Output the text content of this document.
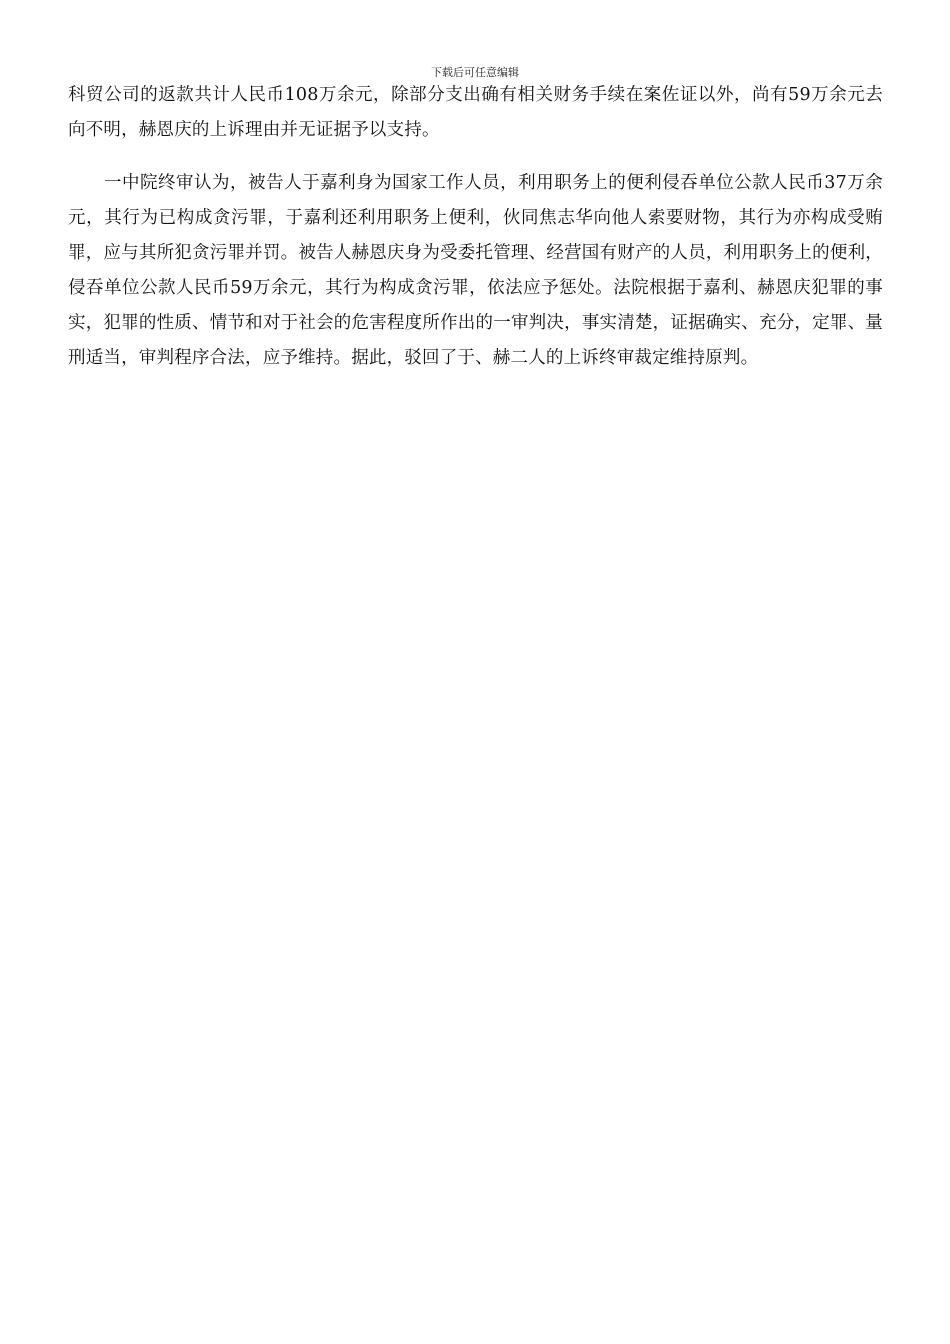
下载后可任意编辑

科贸公司的返款共计人民币108万余元，除部分支出确有相关财务手续在案佐证以外，尚有59万余元去向不明，赫恩庆的上诉理由并无证据予以支持。

一中院终审认为，被告人于嘉利身为国家工作人员，利用职务上的便利侵吞单位公款人民币37万余元，其行为已构成贪污罪，于嘉利还利用职务上便利，伙同焦志华向他人索要财物，其行为亦构成受贿罪，应与其所犯贪污罪并罚。被告人赫恩庆身为受委托管理、经营国有财产的人员，利用职务上的便利，侵吞单位公款人民币59万余元，其行为构成贪污罪，依法应予惩处。法院根据于嘉利、赫恩庆犯罪的事实，犯罪的性质、情节和对于社会的危害程度所作出的一审判决，事实清楚，证据确实、充分，定罪、量刑适当，审判程序合法，应予维持。据此，驳回了于、赫二人的上诉终审裁定维持原判。
